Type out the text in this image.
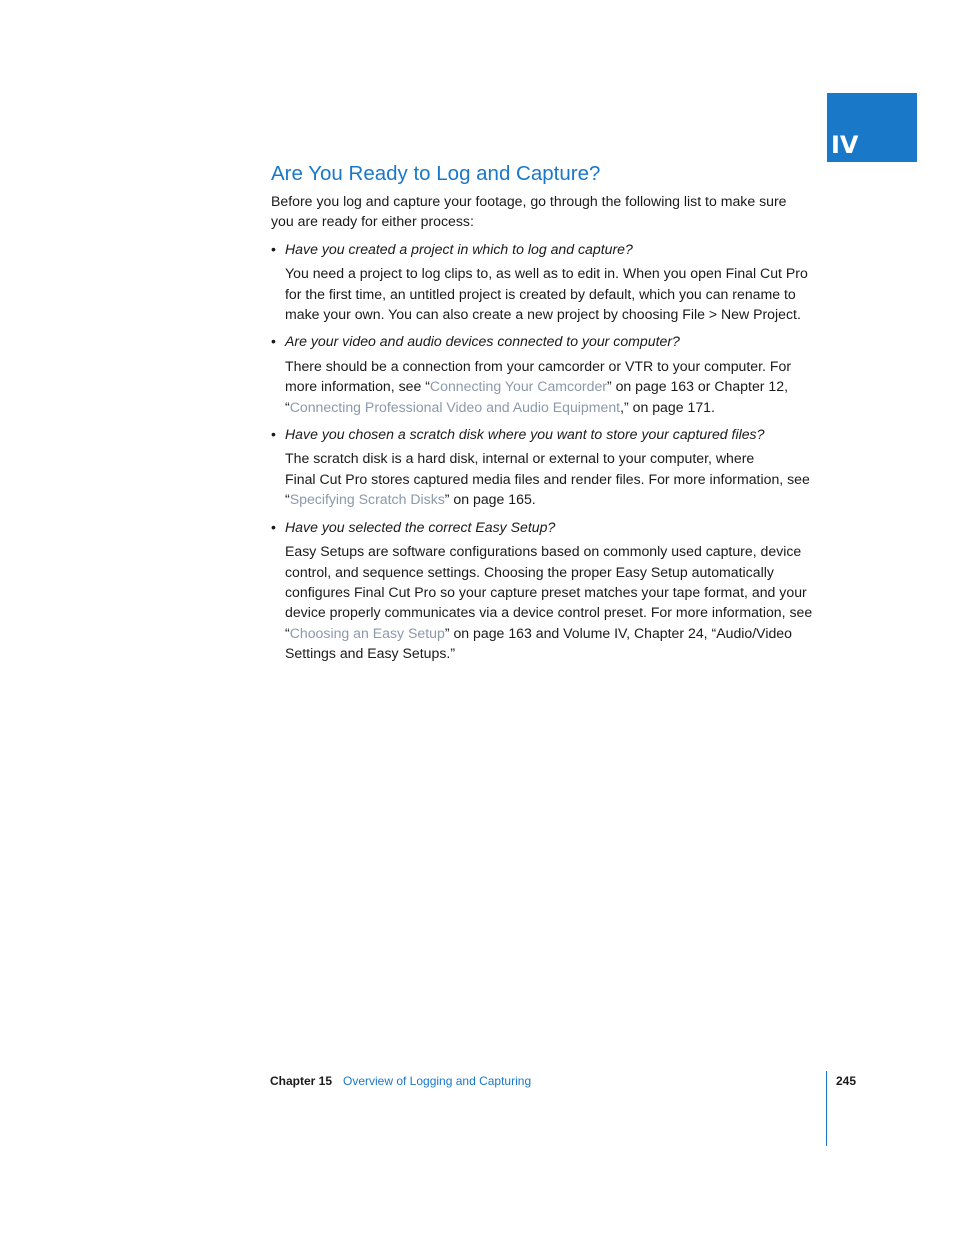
IV
Are You Ready to Log and Capture?
Before you log and capture your footage, go through the following list to make sure
you are ready for either process:
• Have you created a project in which to log and capture?
You need a project to log clips to, as well as to edit in. When you open Final Cut Pro
for the first time, an untitled project is created by default, which you can rename to
make your own. You can also create a new project by choosing File > New Project.
• Are your video and audio devices connected to your computer?
There should be a connection from your camcorder or VTR to your computer. For
more information, see “Connecting Your Camcorder” on page 163 or Chapter 12,
“Connecting Professional Video and Audio Equipment,” on page 171.
• Have you chosen a scratch disk where you want to store your captured files?
The scratch disk is a hard disk, internal or external to your computer, where
Final Cut Pro stores captured media files and render files. For more information, see
“Specifying Scratch Disks” on page 165.
• Have you selected the correct Easy Setup?
Easy Setups are software configurations based on commonly used capture, device
control, and sequence settings. Choosing the proper Easy Setup automatically
configures Final Cut Pro so your capture preset matches your tape format, and your
device properly communicates via a device control preset. For more information, see
“Choosing an Easy Setup” on page 163 and Volume IV, Chapter 24, “Audio/Video
Settings and Easy Setups.”
Chapter 15 Overview of Logging and Capturing	245
